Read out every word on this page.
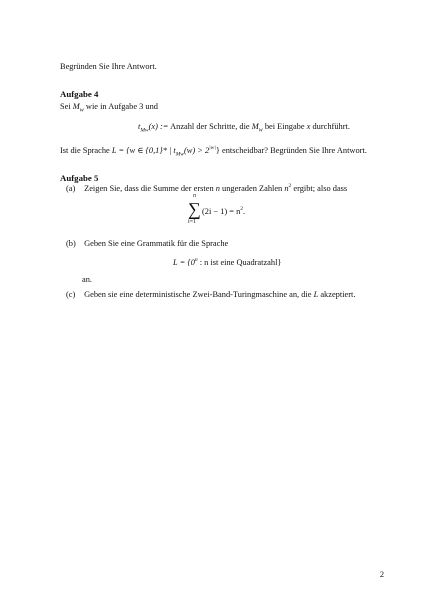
Begründen Sie Ihre Antwort.
Aufgabe 4
Sei $M_w$ wie in Aufgabe 3 und
$t_{Mw}(x)$ := Anzahl der Schritte, die $M_w$ bei Eingabe x durchführt.
Ist die Sprache L = {w ∈ {0,1}* | $t_{Mw}(w) > 2^{|w|}$} entscheidbar? Begründen Sie Ihre Antwort.
Aufgabe 5
(a) Zeigen Sie, dass die Summe der ersten n ungeraden Zahlen $n^2$ ergibt; also dass
n
∑
i=1
$(2i - 1) = n^2$.
(b) Geben Sie eine Grammatik für die Sprache
$L = \{0^n$ : n ist eine Quadratzahl}
an.
(c) Geben sie eine deterministische Zwei-Band-Turingmaschine an, die L akzeptiert.
2
